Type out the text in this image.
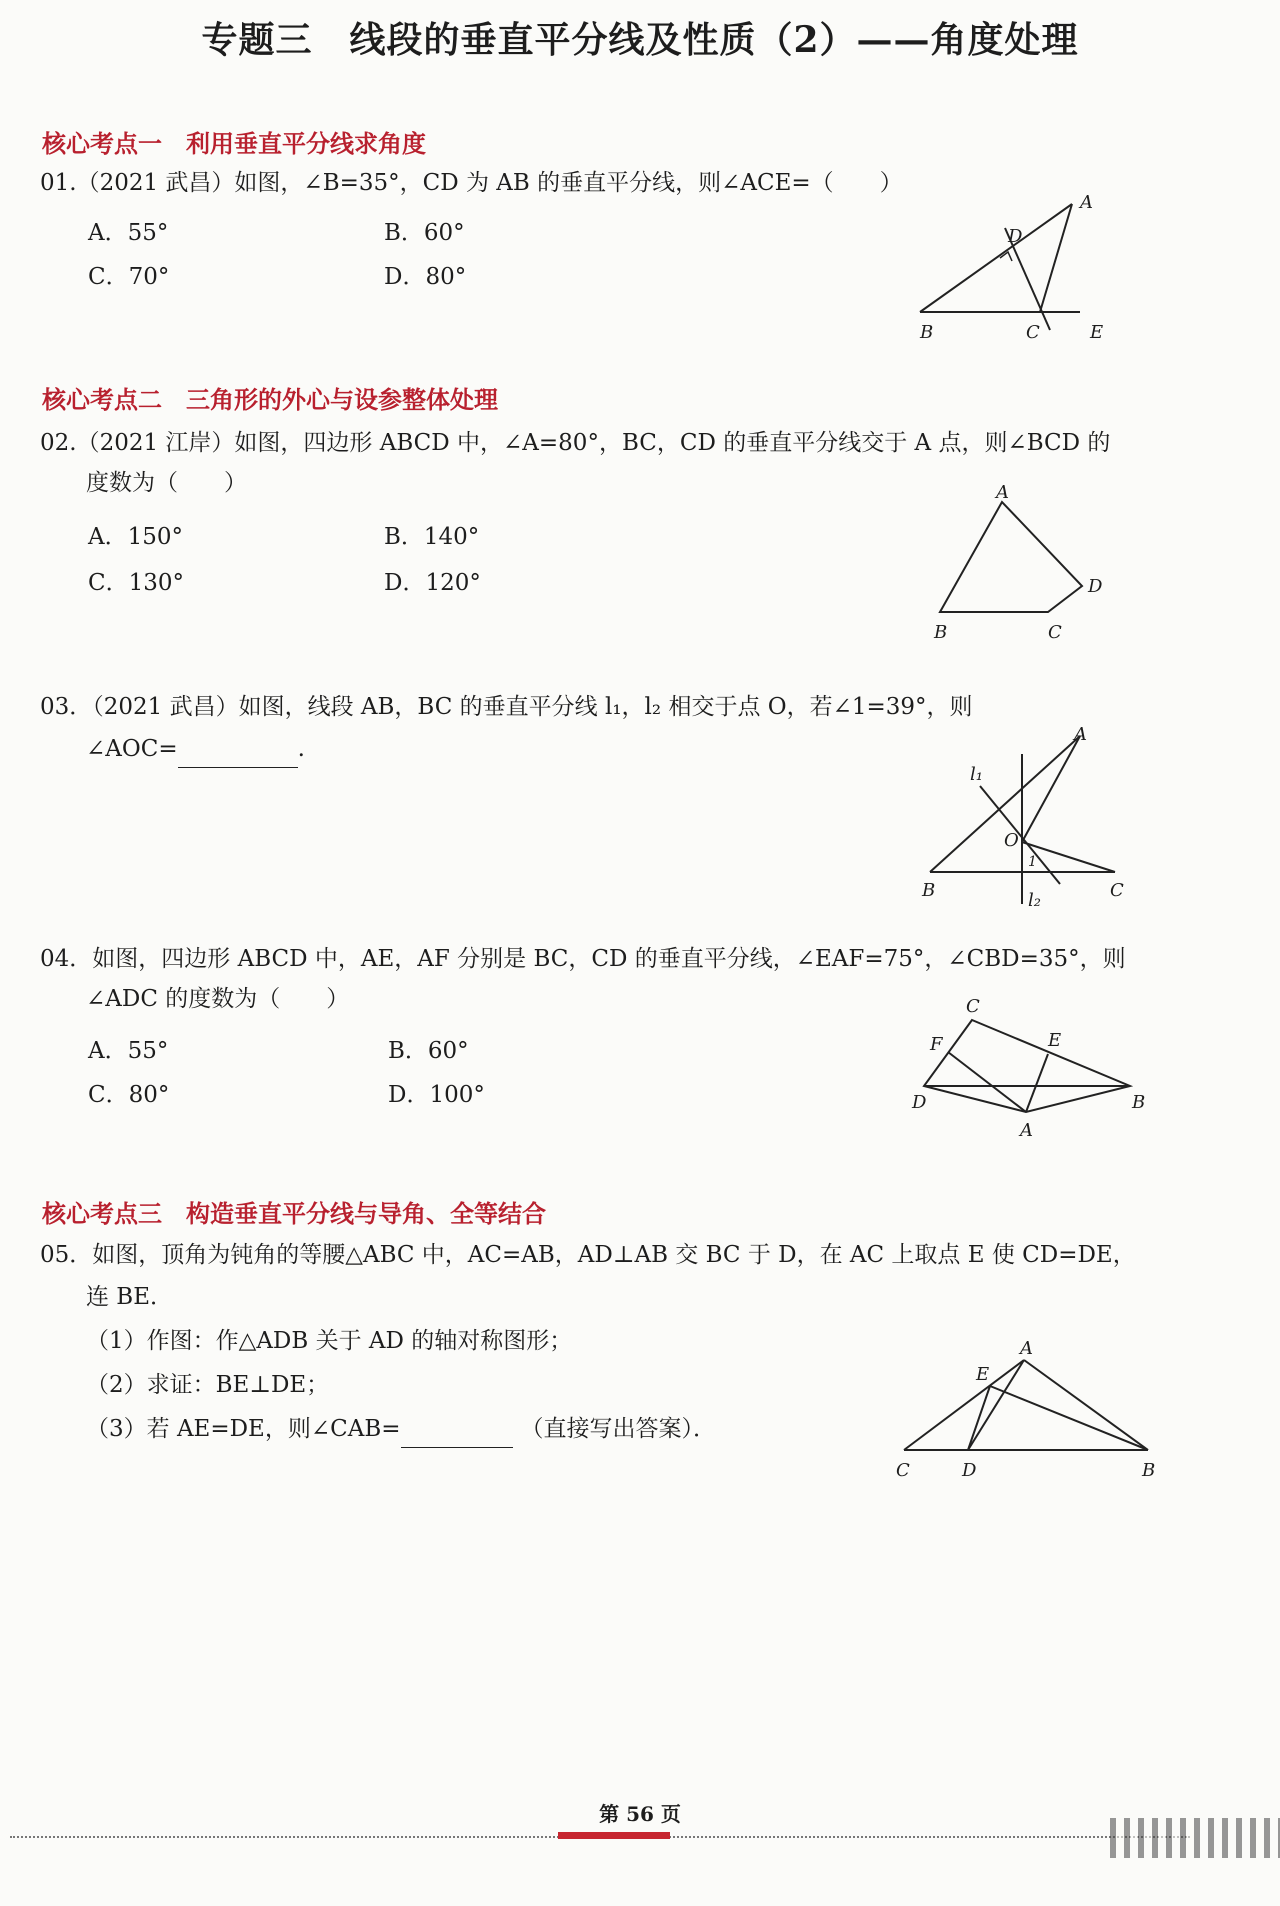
专题三　线段的垂直平分线及性质（2）——角度处理
核心考点一　利用垂直平分线求角度
01.（2021 武昌）如图，∠B=35°，CD 为 AB 的垂直平分线，则∠ACE=（　　）
A．55°	B．60°
C．70°	D．80°
A
D
B	C	E
核心考点二　三角形的外心与设参整体处理
02.（2021 江岸）如图，四边形 ABCD 中，∠A=80°，BC，CD 的垂直平分线交于 A 点，则∠BCD 的
度数为（　　）
A．150°	B．140°
C．130°	D．120°
A
B	C
D
03．（2021 武昌）如图，线段 AB，BC 的垂直平分线 l₁，l₂ 相交于点 O，若∠1=39°，则
∠AOC=	.
A
l₁
O
1
B	l₂	C
04．如图，四边形 ABCD 中，AE，AF 分别是 BC，CD 的垂直平分线，∠EAF=75°，∠CBD=35°，则
∠ADC 的度数为（　　）
A．55°	B．60°
C．80°	D．100°
C
F	E
D	B
A
核心考点三　构造垂直平分线与导角、全等结合
05．如图，顶角为钝角的等腰△ABC 中，AC=AB，AD⊥AB 交 BC 于 D，在 AC 上取点 E 使 CD=DE，
连 BE．
（1）作图：作△ADB 关于 AD 的轴对称图形；
（2）求证：BE⊥DE；
（3）若 AE=DE，则∠CAB=	（直接写出答案）．
A
E
C	D	B
第 56 页
